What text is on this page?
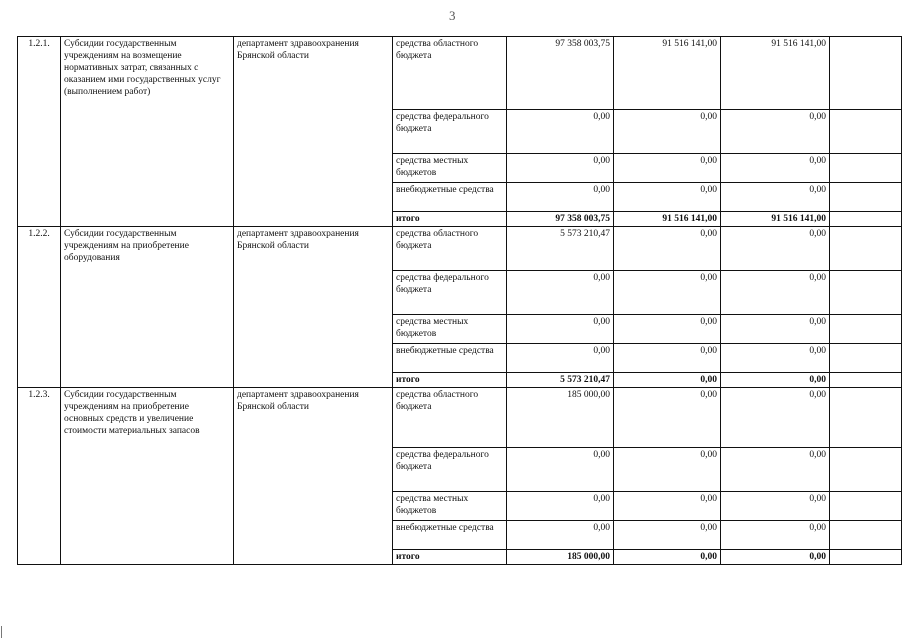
3
1.2.1.	Субсидии государственным учреждениям на возмещение нормативных затрат, связанных с оказанием ими государственных услуг (выполнением работ)	департамент здравоохранения Брянской области	средства областного бюджета	97 358 003,75	91 516 141,00	91 516 141,00	
			средства федерального бюджета	0,00	0,00	0,00	
			средства местных бюджетов	0,00	0,00	0,00	
			внебюджетные средства	0,00	0,00	0,00	
			итого	97 358 003,75	91 516 141,00	91 516 141,00	
1.2.2.	Субсидии государственным учреждениям на приобретение оборудования	департамент здравоохранения Брянской области	средства областного бюджета	5 573 210,47	0,00	0,00	
			средства федерального бюджета	0,00	0,00	0,00	
			средства местных бюджетов	0,00	0,00	0,00	
			внебюджетные средства	0,00	0,00	0,00	
			итого	5 573 210,47	0,00	0,00	
1.2.3.	Субсидии государственным учреждениям на приобретение основных средств и увеличение стоимости материальных запасов	департамент здравоохранения Брянской области	средства областного бюджета	185 000,00	0,00	0,00	
			средства федерального бюджета	0,00	0,00	0,00	
			средства местных бюджетов	0,00	0,00	0,00	
			внебюджетные средства	0,00	0,00	0,00	
			итого	185 000,00	0,00	0,00	
